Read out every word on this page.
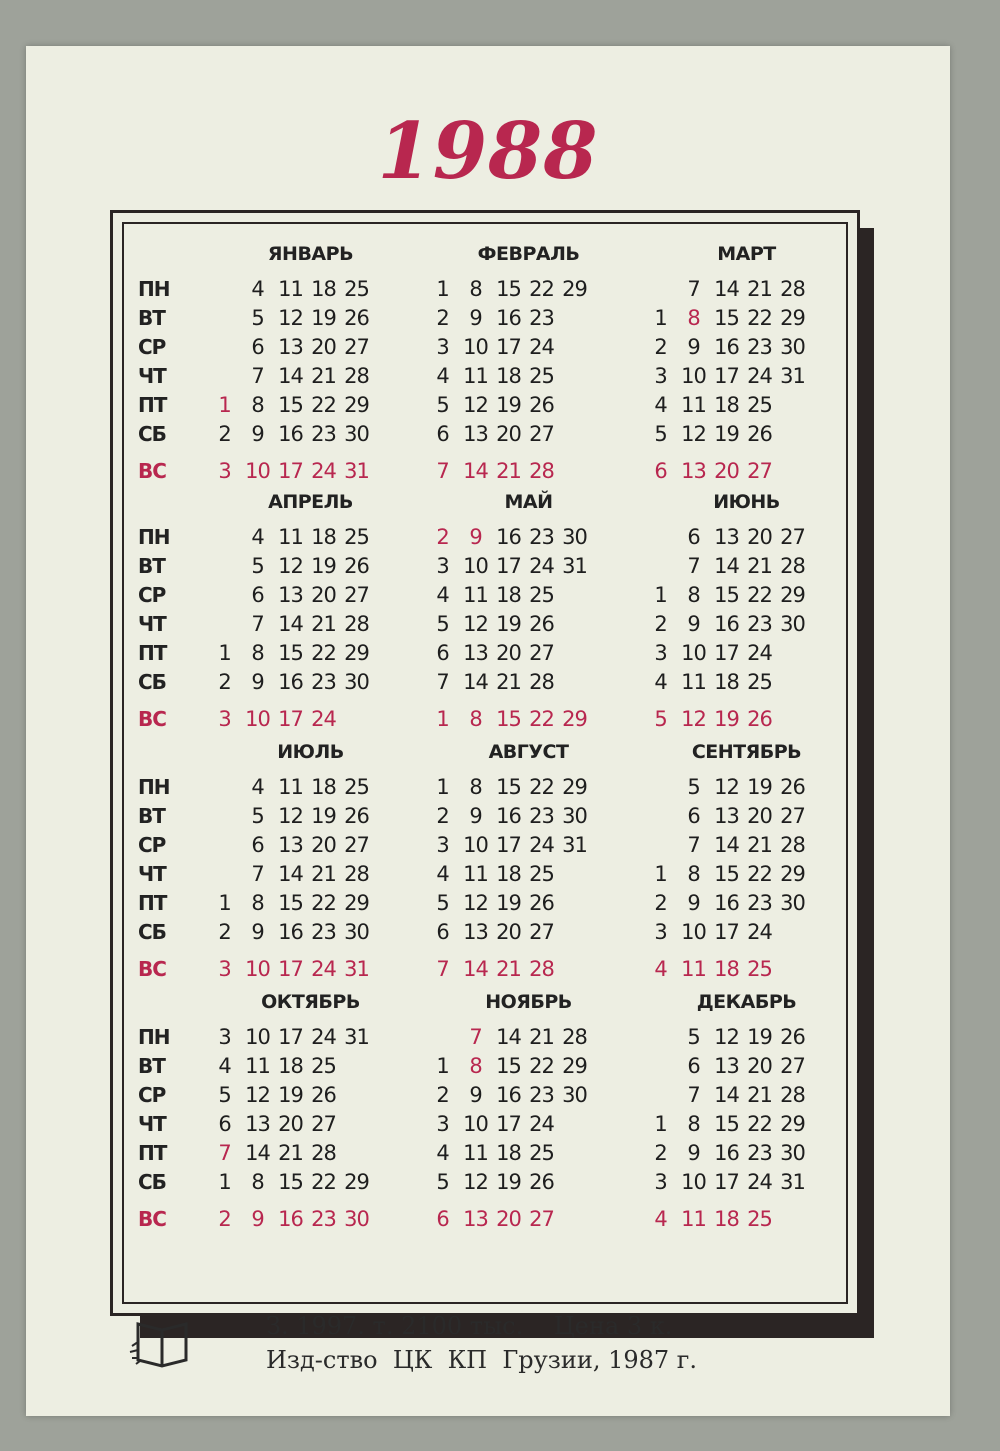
1988
ПН
ВТ
СР
ЧТ
ПТ
СБ
ВС
ЯНВАРЬ
4 11 18 25
5 12 19 26
6 13 20 27
7 14 21 28
1 8 15 22 29
2 9 16 23 30
3 10 17 24 31
ФЕВРАЛЬ
1 8 15 22 29
2 9 16 23
3 10 17 24
4 11 18 25
5 12 19 26
6 13 20 27
7 14 21 28
МАРТ
7 14 21 28
1 8 15 22 29
2 9 16 23 30
3 10 17 24 31
4 11 18 25
5 12 19 26
6 13 20 27
ПН
ВТ
СР
ЧТ
ПТ
СБ
ВС
АПРЕЛЬ
4 11 18 25
5 12 19 26
6 13 20 27
7 14 21 28
1 8 15 22 29
2 9 16 23 30
3 10 17 24
МАЙ
2 9 16 23 30
3 10 17 24 31
4 11 18 25
5 12 19 26
6 13 20 27
7 14 21 28
1 8 15 22 29
ИЮНЬ
6 13 20 27
7 14 21 28
1 8 15 22 29
2 9 16 23 30
3 10 17 24
4 11 18 25
5 12 19 26
ПН
ВТ
СР
ЧТ
ПТ
СБ
ВС
ИЮЛЬ
4 11 18 25
5 12 19 26
6 13 20 27
7 14 21 28
1 8 15 22 29
2 9 16 23 30
3 10 17 24 31
АВГУСТ
1 8 15 22 29
2 9 16 23 30
3 10 17 24 31
4 11 18 25
5 12 19 26
6 13 20 27
7 14 21 28
СЕНТЯБРЬ
5 12 19 26
6 13 20 27
7 14 21 28
1 8 15 22 29
2 9 16 23 30
3 10 17 24
4 11 18 25
ПН
ВТ
СР
ЧТ
ПТ
СБ
ВС
ОКТЯБРЬ
3 10 17 24 31
4 11 18 25
5 12 19 26
6 13 20 27
7 14 21 28
1 8 15 22 29
2 9 16 23 30
НОЯБРЬ
7 14 21 28
1 8 15 22 29
2 9 16 23 30
3 10 17 24
4 11 18 25
5 12 19 26
6 13 20 27
ДЕКАБРЬ
5 12 19 26
6 13 20 27
7 14 21 28
1 8 15 22 29
2 9 16 23 30
3 10 17 24 31
4 11 18 25
З. 1997. т. 2100 тыс.    Цена 3 к.
Изд-ство  ЦК  КП  Грузии, 1987 г.
